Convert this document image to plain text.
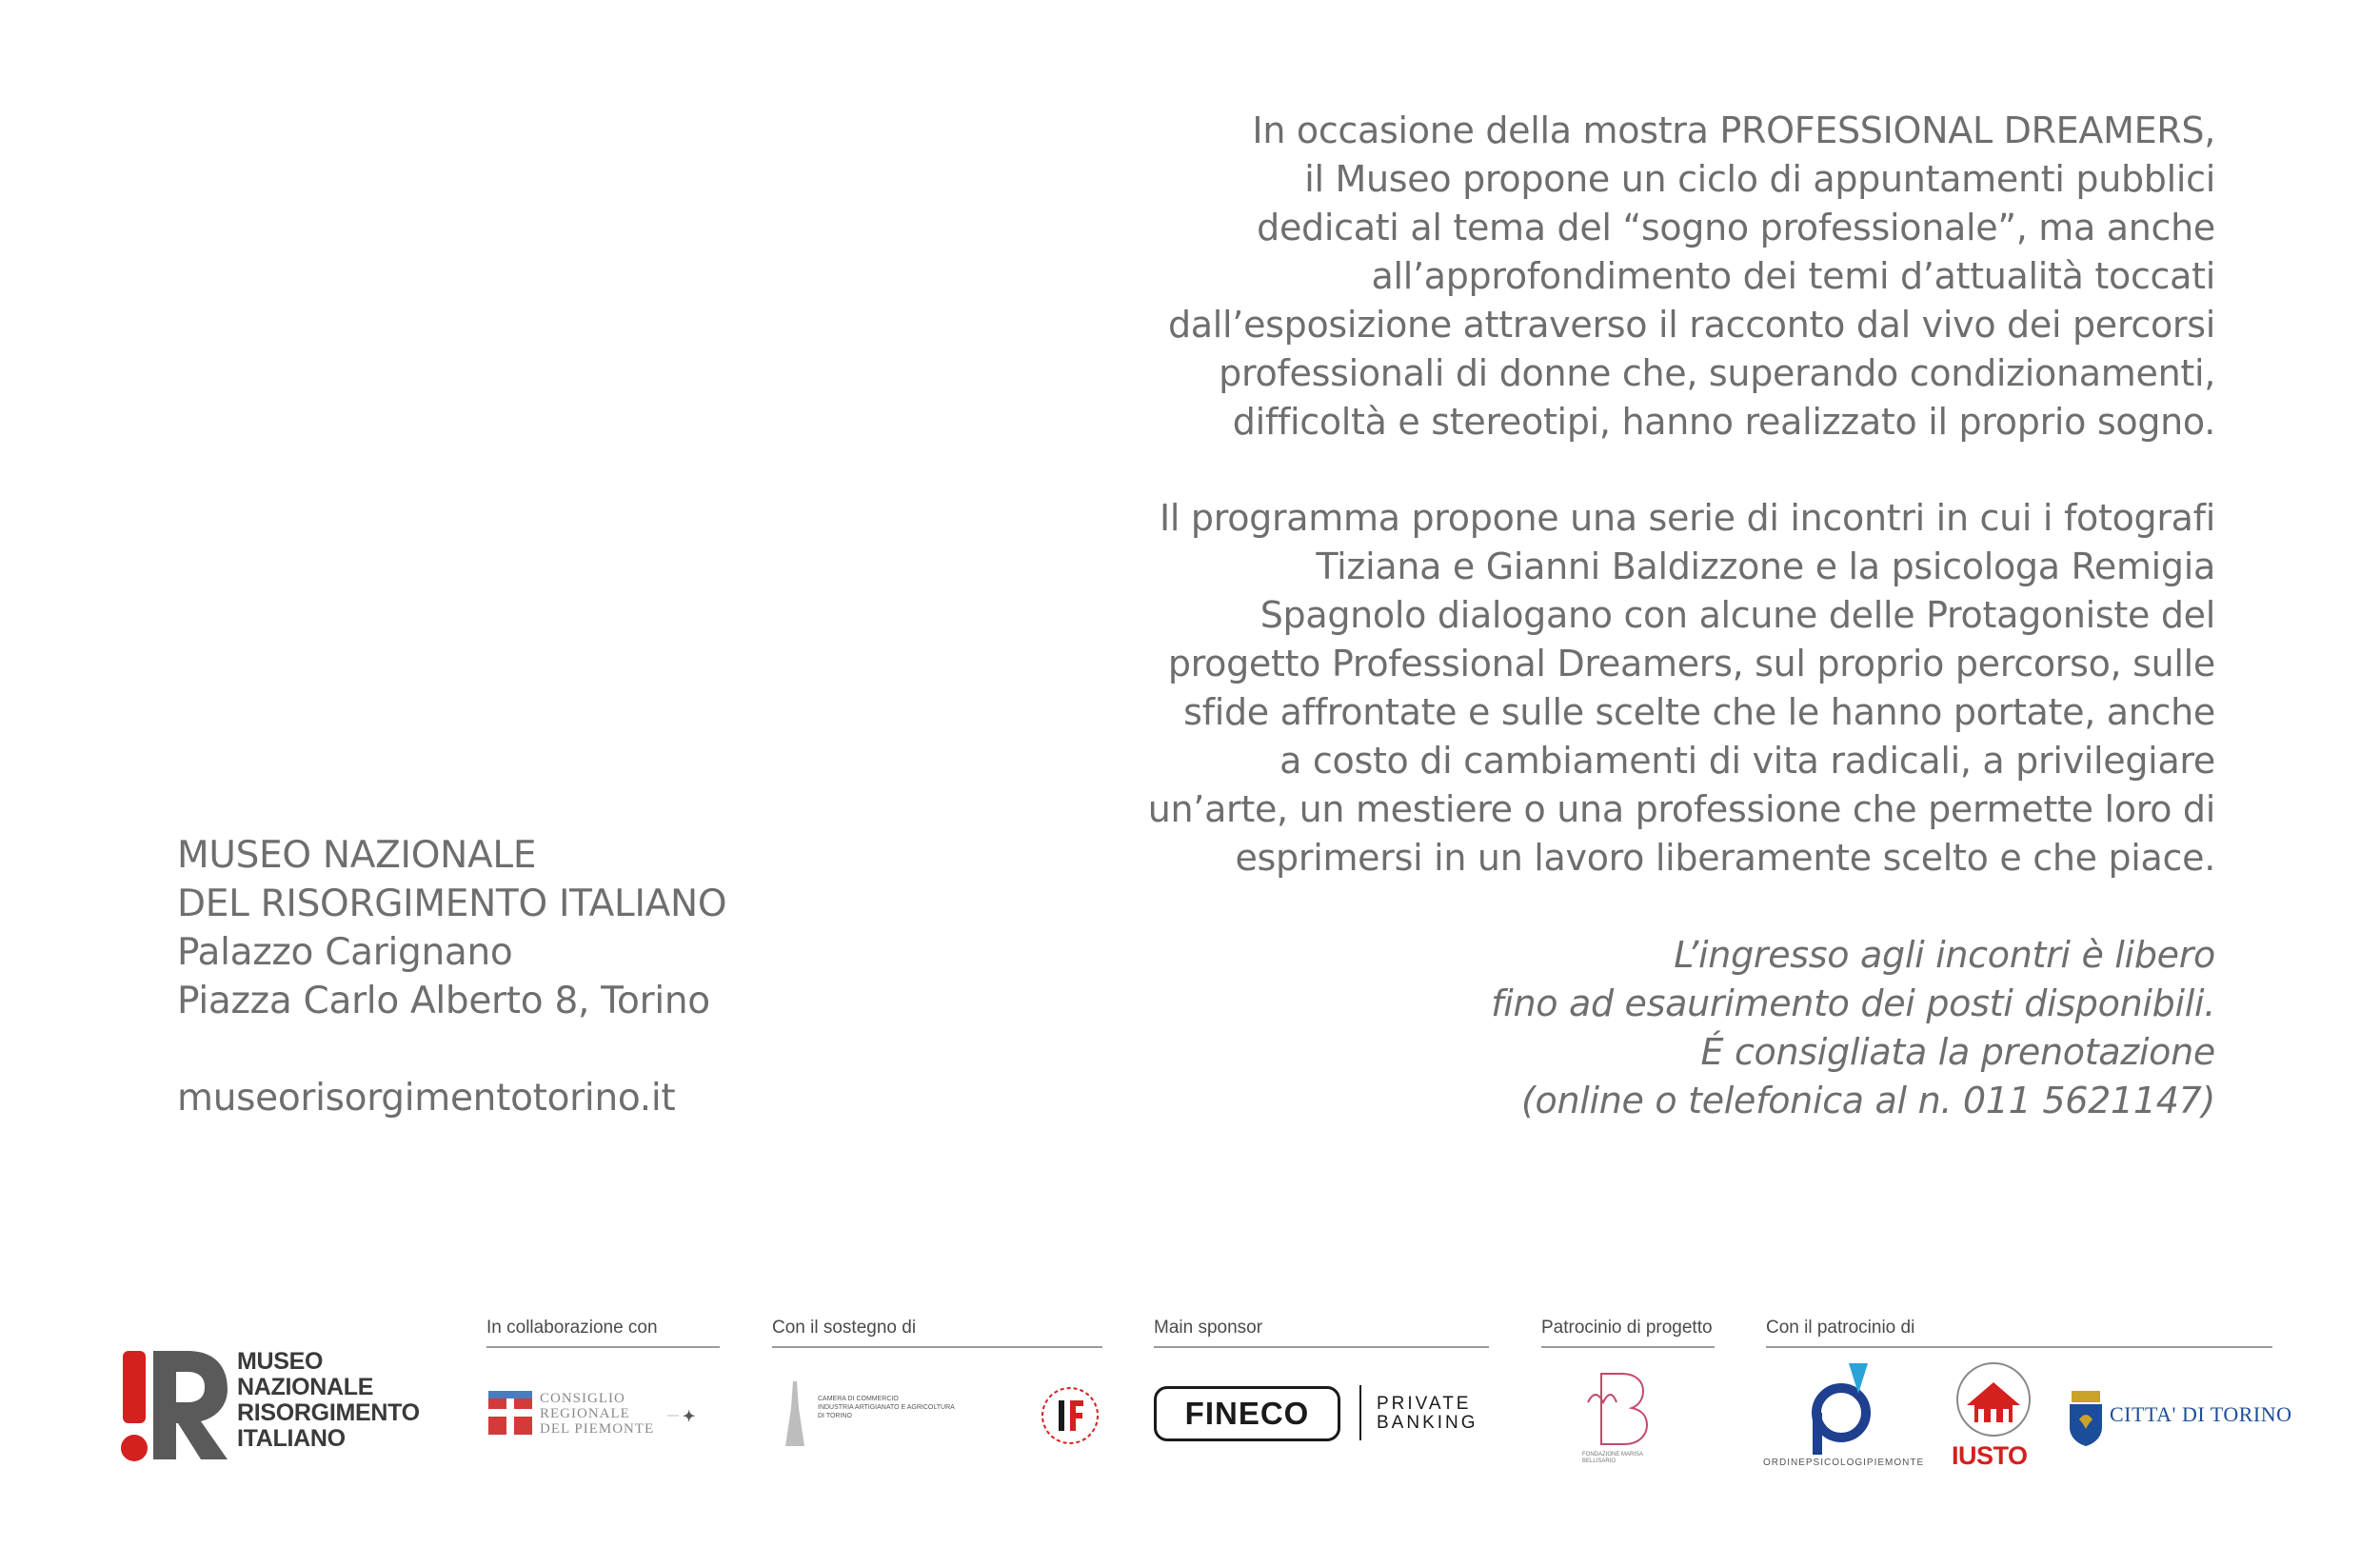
In occasione della mostra PROFESSIONAL DREAMERS,
il Museo propone un ciclo di appuntamenti pubblici
dedicati al tema del “sogno professionale”, ma anche
all’approfondimento dei temi d’attualità toccati
dall’esposizione attraverso il racconto dal vivo dei percorsi
professionali di donne che, superando condizionamenti,
difficoltà e stereotipi, hanno realizzato il proprio sogno.
Il programma propone una serie di incontri in cui i fotografi
Tiziana e Gianni Baldizzone e la psicologa Remigia
Spagnolo dialogano con alcune delle Protagoniste del
progetto Professional Dreamers, sul proprio percorso, sulle
sfide affrontate e sulle scelte che le hanno portate, anche
a costo di cambiamenti di vita radicali, a privilegiare
un’arte, un mestiere o una professione che permette loro di
esprimersi in un lavoro liberamente scelto e che piace.
L’ingresso agli incontri è libero
fino ad esaurimento dei posti disponibili.
É consigliata la prenotazione
(online o telefonica al n. 011 5621147)
MUSEO NAZIONALE
DEL RISORGIMENTO ITALIANO
Palazzo Carignano
Piazza Carlo Alberto 8, Torino
museorisorgimentotorino.it
MUSEO
NAZIONALE
RISORGIMENTO
ITALIANO
In collaborazione con	Con il sostegno di	Main sponsor	Patrocinio di progetto	Con il patrocinio di
CONSIGLIO
REGIONALE
DEL PIEMONTE
✦
CAMERA DI COMMERCIO
INDUSTRIA ARTIGIANATO E AGRICOLTURA
DI TORINO	FINECO	PRIVATE
BANKING
FONDAZIONE MARISA BELLISARIO	ORDINEPSICOLOGIPIEMONTE IUSTO
CITTA' DI TORINO
